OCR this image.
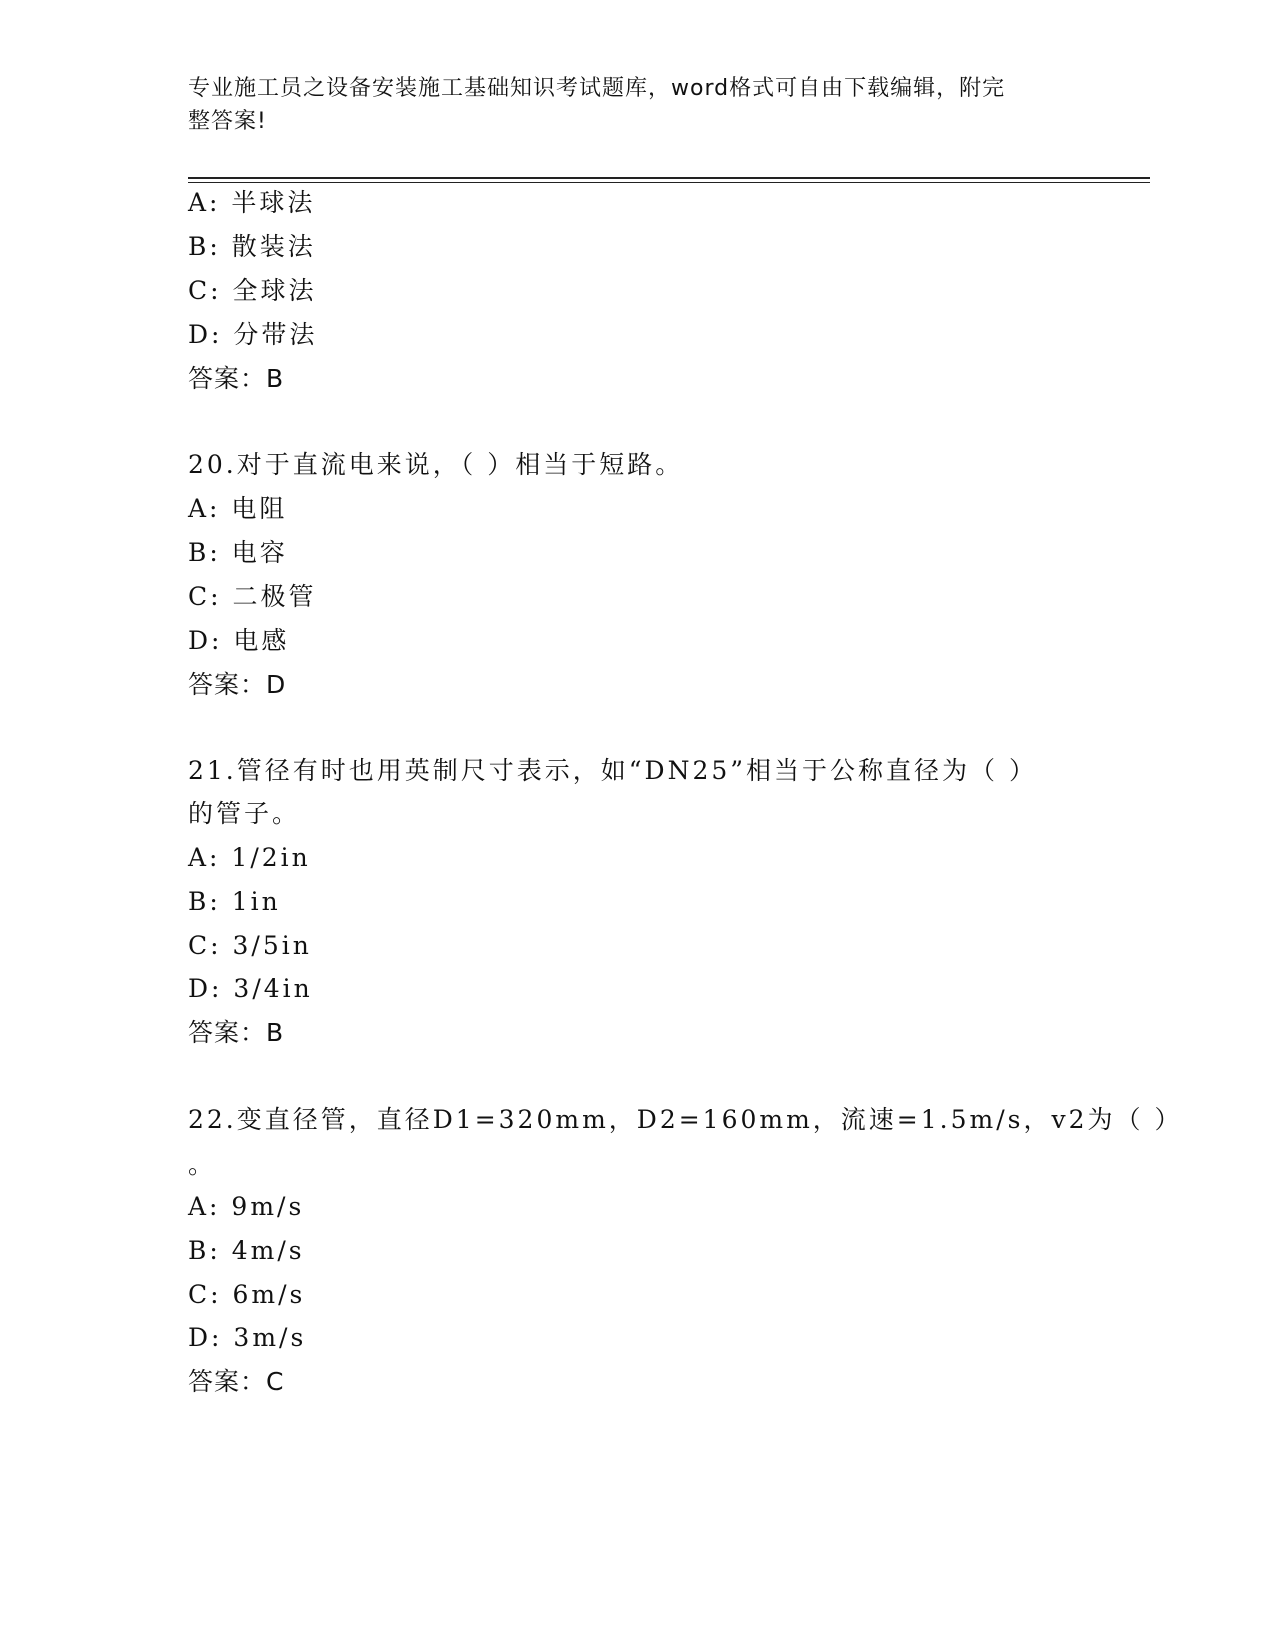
专业施工员之设备安装施工基础知识考试题库，word格式可自由下载编辑，附完
整答案!
A: 半球法
B: 散装法
C: 全球法
D: 分带法
答案：B
20.对于直流电来说，（ ）相当于短路。
A: 电阻
B: 电容
C: 二极管
D: 电感
答案：D
21.管径有时也用英制尺寸表示，如“DN25”相当于公称直径为（ ）
的管子。
A: 1/2in
B: 1in
C: 3/5in
D: 3/4in
答案：B
22.变直径管，直径D1=320mm，D2=160mm，流速=1.5m/s，v2为（ ）
。
A: 9m/s
B: 4m/s
C: 6m/s
D: 3m/s
答案：C
